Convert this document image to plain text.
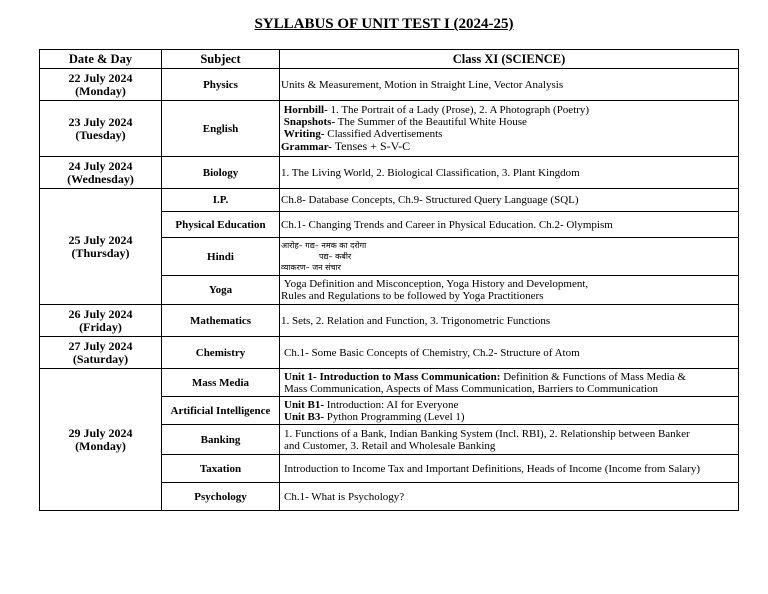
SYLLABUS OF UNIT TEST I (2024-25)
Date & Day	Subject	Class XI (SCIENCE)

22 July 2024
(Monday)	Physics	Units & Measurement, Motion in Straight Line, Vector Analysis

23 July 2024
(Tuesday)	English	Hornbill- 1. The Portrait of a Lady (Prose), 2. A Photograph (Poetry)
Snapshots- The Summer of the Beautiful White House
Writing- Classified Advertisements
Grammar- Tenses + S-V-C

24 July 2024
(Wednesday)	Biology	1. The Living World, 2. Biological Classification, 3. Plant Kingdom

25 July 2024
(Thursday)	I.P.	Ch.8- Database Concepts, Ch.9- Structured Query Language (SQL)
	Physical Education	Ch.1- Changing Trends and Career in Physical Education. Ch.2- Olympism
	Hindi	आरोह– गद्य– नमक का दरोगा
पद्य– कबीर
व्याकरण– जन संचार

	Yoga	Yoga Definition and Misconception, Yoga History and Development,
Rules and Regulations to be followed by Yoga Practitioners

26 July 2024
(Friday)	Mathematics	1. Sets, 2. Relation and Function, 3. Trigonometric Functions

27 July 2024
(Saturday)	Chemistry	Ch.1- Some Basic Concepts of Chemistry, Ch.2- Structure of Atom

29 July 2024
(Monday)	Mass Media	Unit 1- Introduction to Mass Communication: Definition & Functions of Mass Media &
Mass Communication, Aspects of Mass Communication, Barriers to Communication

	Artificial Intelligence	Unit B1- Introduction: AI for Everyone
Unit B3- Python Programming (Level 1)

	Banking	1. Functions of a Bank, Indian Banking System (Incl. RBI), 2. Relationship between Banker
and Customer, 3. Retail and Wholesale Banking

	Taxation	Introduction to Income Tax and Important Definitions, Heads of Income (Income from Salary)
	Psychology	Ch.1- What is Psychology?
